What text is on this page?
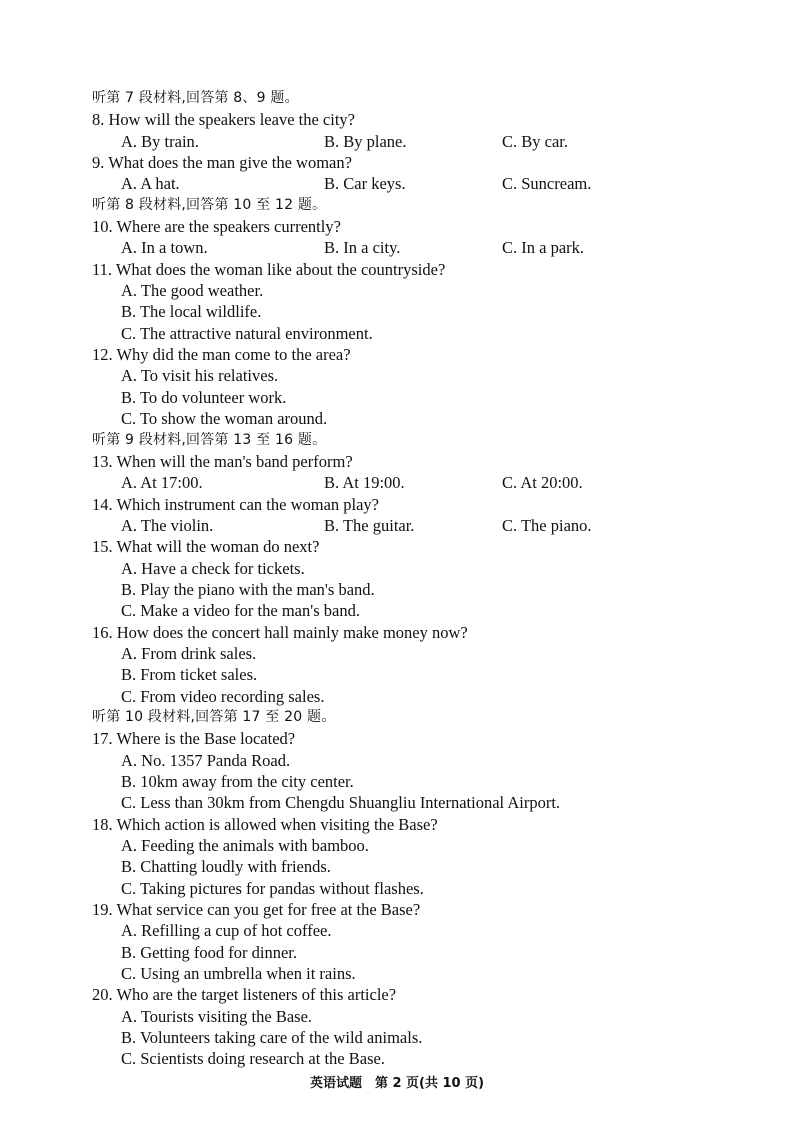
听第 7 段材料,回答第 8、9 题。
8. How will the speakers leave the city?
A. By train.	B. By plane.	C. By car.
9. What does the man give the woman?
A. A hat.	B. Car keys.	C. Suncream.
听第 8 段材料,回答第 10 至 12 题。
10. Where are the speakers currently?
A. In a town.	B. In a city.	C. In a park.
11. What does the woman like about the countryside?
A. The good weather.
B. The local wildlife.
C. The attractive natural environment.
12. Why did the man come to the area?
A. To visit his relatives.
B. To do volunteer work.
C. To show the woman around.
听第 9 段材料,回答第 13 至 16 题。
13. When will the man's band perform?
A. At 17:00.	B. At 19:00.	C. At 20:00.
14. Which instrument can the woman play?
A. The violin.	B. The guitar.	C. The piano.
15. What will the woman do next?
A. Have a check for tickets.
B. Play the piano with the man's band.
C. Make a video for the man's band.
16. How does the concert hall mainly make money now?
A. From drink sales.
B. From ticket sales.
C. From video recording sales.
听第 10 段材料,回答第 17 至 20 题。
17. Where is the Base located?
A. No. 1357 Panda Road.
B. 10km away from the city center.
C. Less than 30km from Chengdu Shuangliu International Airport.
18. Which action is allowed when visiting the Base?
A. Feeding the animals with bamboo.
B. Chatting loudly with friends.
C. Taking pictures for pandas without flashes.
19. What service can you get for free at the Base?
A. Refilling a cup of hot coffee.
B. Getting food for dinner.
C. Using an umbrella when it rains.
20. Who are the target listeners of this article?
A. Tourists visiting the Base.
B. Volunteers taking care of the wild animals.
C. Scientists doing research at the Base.
英语试题　第 2 页(共 10 页)
